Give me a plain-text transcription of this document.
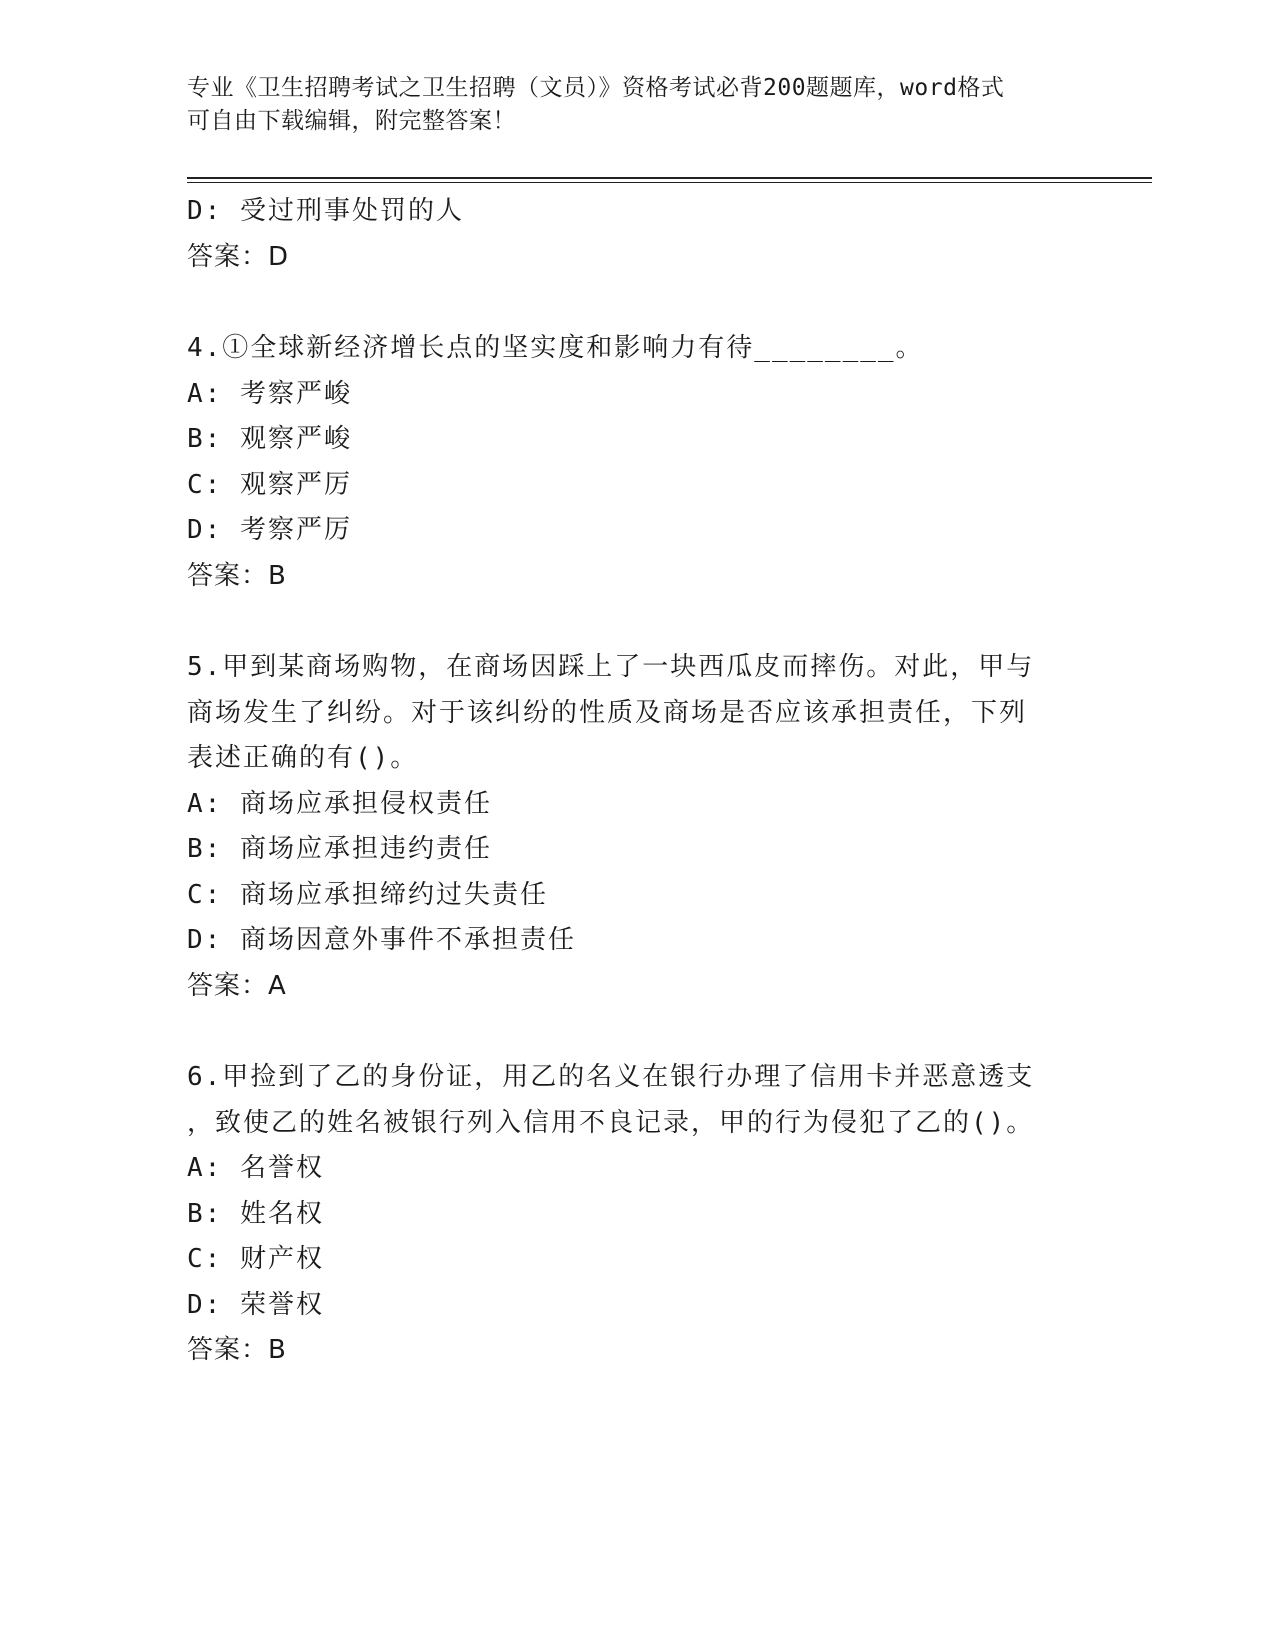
专业《卫生招聘考试之卫生招聘（文员）》资格考试必背200题题库，word格式
可自由下载编辑，附完整答案！
D: 受过刑事处罚的人
答案：D
4.①全球新经济增长点的坚实度和影响力有待________。
A: 考察严峻
B: 观察严峻
C: 观察严厉
D: 考察严厉
答案：B
5.甲到某商场购物，在商场因踩上了一块西瓜皮而摔伤。对此，甲与
商场发生了纠纷。对于该纠纷的性质及商场是否应该承担责任，下列
表述正确的有()。
A: 商场应承担侵权责任
B: 商场应承担违约责任
C: 商场应承担缔约过失责任
D: 商场因意外事件不承担责任
答案：A
6.甲捡到了乙的身份证，用乙的名义在银行办理了信用卡并恶意透支
，致使乙的姓名被银行列入信用不良记录，甲的行为侵犯了乙的()。
A: 名誉权
B: 姓名权
C: 财产权
D: 荣誉权
答案：B
